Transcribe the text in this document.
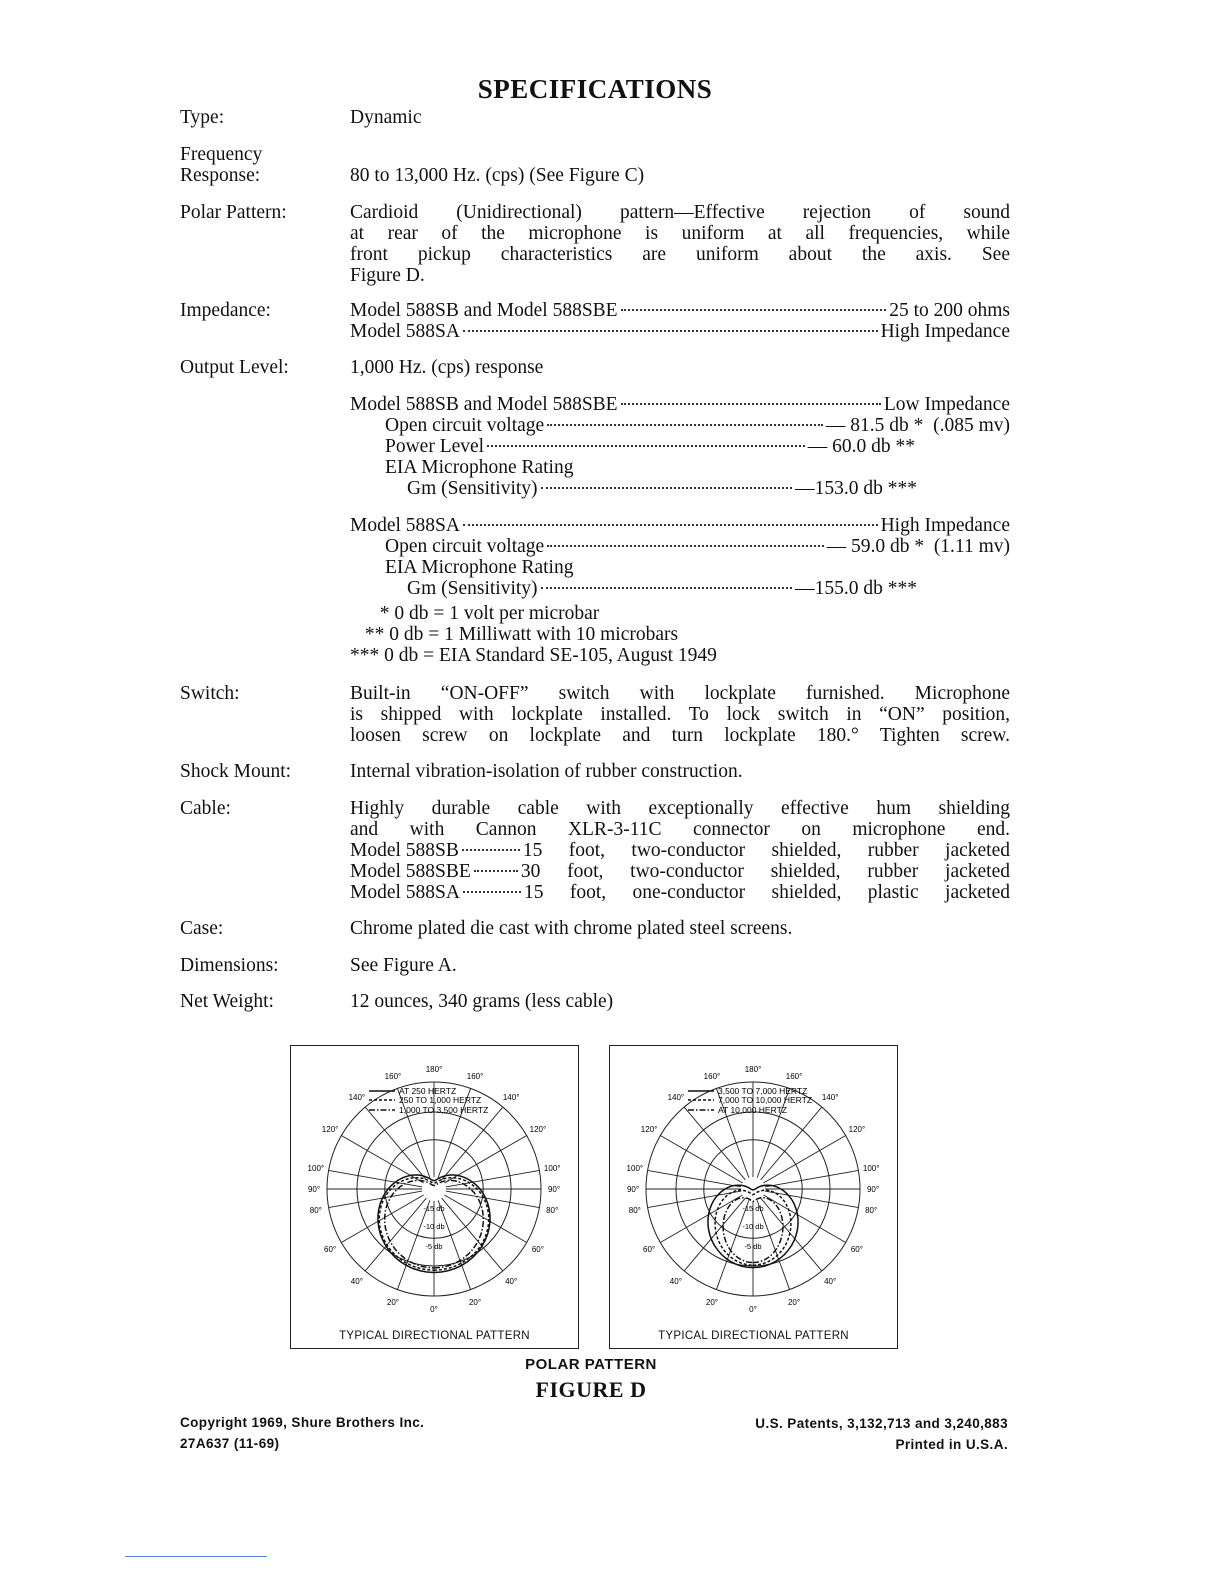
SPECIFICATIONS
Type:	Dynamic
Frequency
Response:	80 to 13,000 Hz. (cps) (See Figure C)
Polar Pattern:	Cardioid (Unidirectional) pattern—Effective rejection of sound
at rear of the microphone is uniform at all frequencies, while
front pickup characteristics are uniform about the axis. See
Figure D.
Impedance:	Model 588SB and Model 588SBE	25 to 200 ohms
Model 588SA	High Impedance
Output Level:	1,000 Hz. (cps) response
Model 588SB and Model 588SBE	Low Impedance
Open circuit voltage	— 81.5 db *  (.085 mv)
Power Level	— 60.0 db **
EIA Microphone Rating
Gm (Sensitivity)	—153.0 db ***
Model 588SA	High Impedance
Open circuit voltage	— 59.0 db *  (1.11 mv)
EIA Microphone Rating
Gm (Sensitivity)	—155.0 db ***
* 0 db = 1 volt per microbar
** 0 db = 1 Milliwatt with 10 microbars
*** 0 db = EIA Standard SE-105, August 1949
Switch:	Built-in “ON-OFF” switch with lockplate furnished. Microphone
is shipped with lockplate installed. To lock switch in “ON” position,
loosen screw on lockplate and turn lockplate 180.° Tighten screw.
Shock Mount:	Internal vibration-isolation of rubber construction.
Cable:	Highly durable cable with exceptionally effective hum shielding
and with Cannon XLR-3-11C connector on microphone end.
Model 588SB	15 foot, two-conductor shielded, rubber jacketed
Model 588SBE	30 foot, two-conductor shielded, rubber jacketed
Model 588SA	15 foot, one-conductor shielded, plastic jacketed
Case:	Chrome plated die cast with chrome plated steel screens.
Dimensions:	See Figure A.
Net Weight:	12 ounces, 340 grams (less cable)
0°
20°
20°
40°
40°
60°
60°
80°
80°
90°
90°
100°
100°
120°
120°
140°
140°
160°
160°
180°
-5 db
-10 db
-15 db
AT 250 HERTZ
250 TO 1,000 HERTZ
1,000 TO 3,500 HERTZ
TYPICAL DIRECTIONAL PATTERN
0°
20°
20°
40°
40°
60°
60°
80°
80°
90°
90°
100°
100°
120°
120°
140°
140°
160°
160°
180°
-5 db
-10 db
-15 db
3,500 TO 7,000 HERTZ
7,000 TO 10,000 HERTZ
AT 10,000 HERTZ
TYPICAL DIRECTIONAL PATTERN
POLAR PATTERN
FIGURE D
Copyright 1969, Shure Brothers Inc.
27A637 (11-69)
U.S. Patents, 3,132,713 and 3,240,883
Printed in U.S.A.
